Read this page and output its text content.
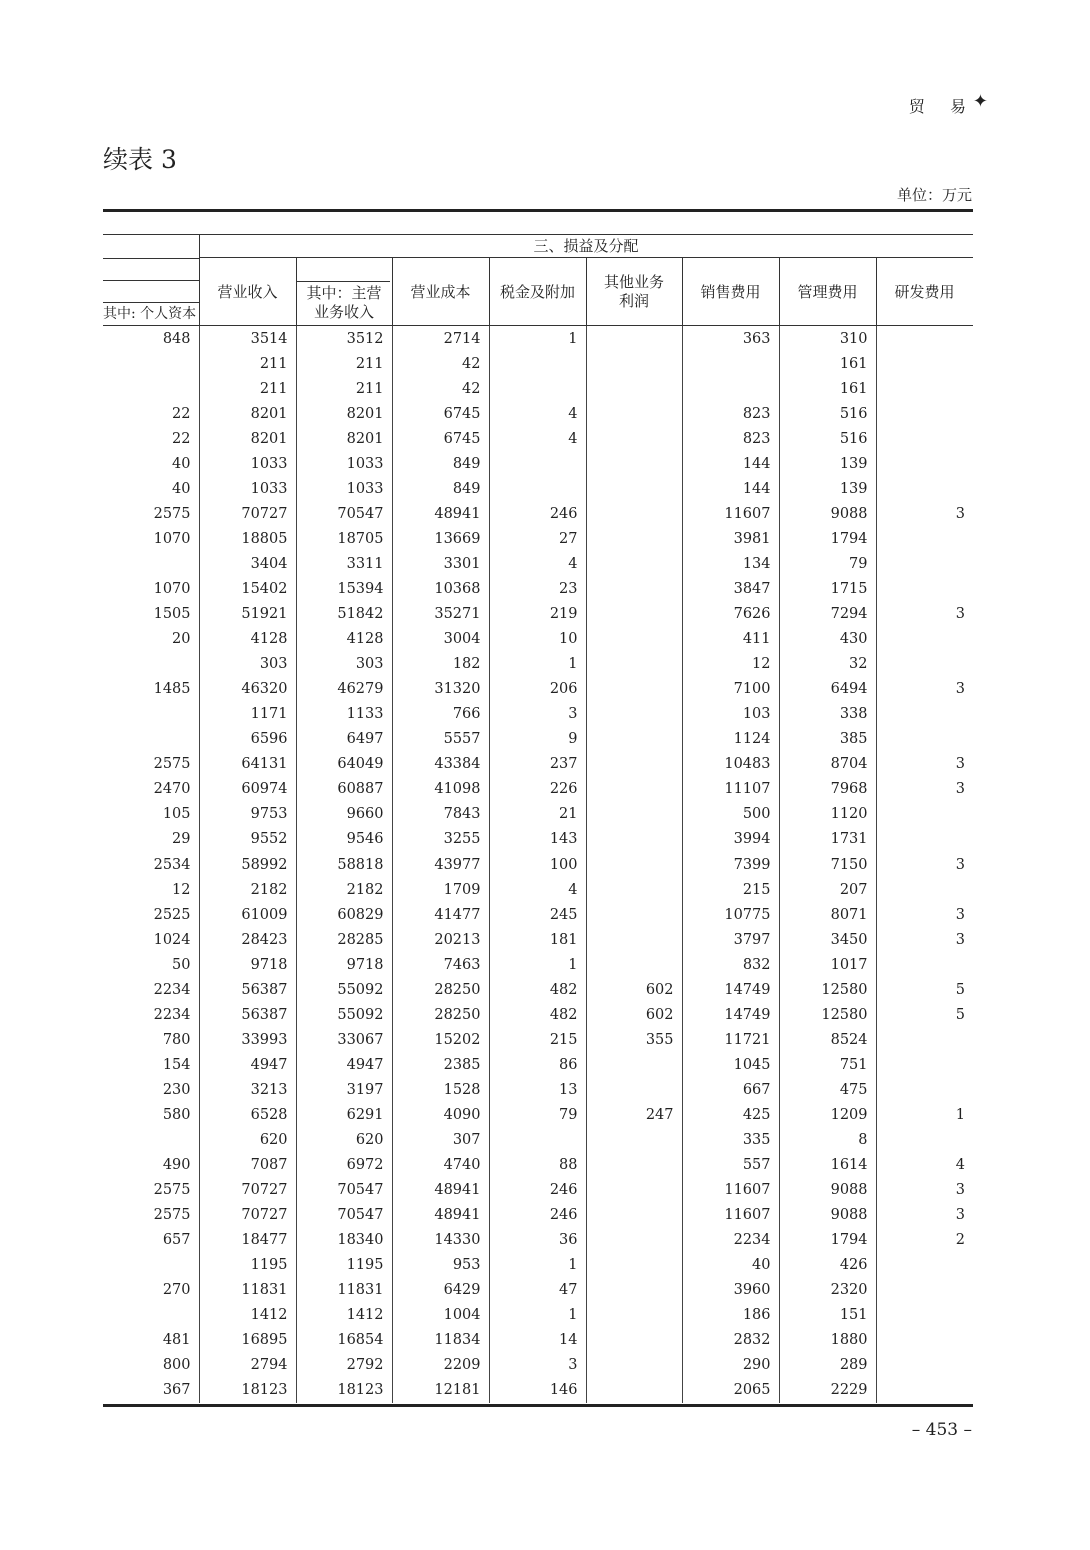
贸 易
✦
续表 3
单位：万元
三、损益及分配
其中: 个人资本
营业收入	其中：主营
业务收入
营业成本	税金及附加
其他业务
利润	销售费用	管理费用	研发费用
848	3514	3512	2714	1		363	310	
	211	211	42				161	
	211	211	42				161	
22	8201	8201	6745	4		823	516	
22	8201	8201	6745	4		823	516	
40	1033	1033	849			144	139	
40	1033	1033	849			144	139	
2575	70727	70547	48941	246		11607	9088	3
1070	18805	18705	13669	27		3981	1794	
	3404	3311	3301	4		134	79	
1070	15402	15394	10368	23		3847	1715	
1505	51921	51842	35271	219		7626	7294	3
20	4128	4128	3004	10		411	430	
	303	303	182	1		12	32	
1485	46320	46279	31320	206		7100	6494	3
	1171	1133	766	3		103	338	
	6596	6497	5557	9		1124	385	
2575	64131	64049	43384	237		10483	8704	3
2470	60974	60887	41098	226		11107	7968	3
105	9753	9660	7843	21		500	1120	
29	9552	9546	3255	143		3994	1731	
2534	58992	58818	43977	100		7399	7150	3
12	2182	2182	1709	4		215	207	
2525	61009	60829	41477	245		10775	8071	3
1024	28423	28285	20213	181		3797	3450	3
50	9718	9718	7463	1		832	1017	
2234	56387	55092	28250	482	602	14749	12580	5
2234	56387	55092	28250	482	602	14749	12580	5
780	33993	33067	15202	215	355	11721	8524	
154	4947	4947	2385	86		1045	751	
230	3213	3197	1528	13		667	475	
580	6528	6291	4090	79	247	425	1209	1
	620	620	307			335	8	
490	7087	6972	4740	88		557	1614	4
2575	70727	70547	48941	246		11607	9088	3
2575	70727	70547	48941	246		11607	9088	3
657	18477	18340	14330	36		2234	1794	2
	1195	1195	953	1		40	426	
270	11831	11831	6429	47		3960	2320	
	1412	1412	1004	1		186	151	
481	16895	16854	11834	14		2832	1880	
800	2794	2792	2209	3		290	289	
367	18123	18123	12181	146		2065	2229	
– 453 –
